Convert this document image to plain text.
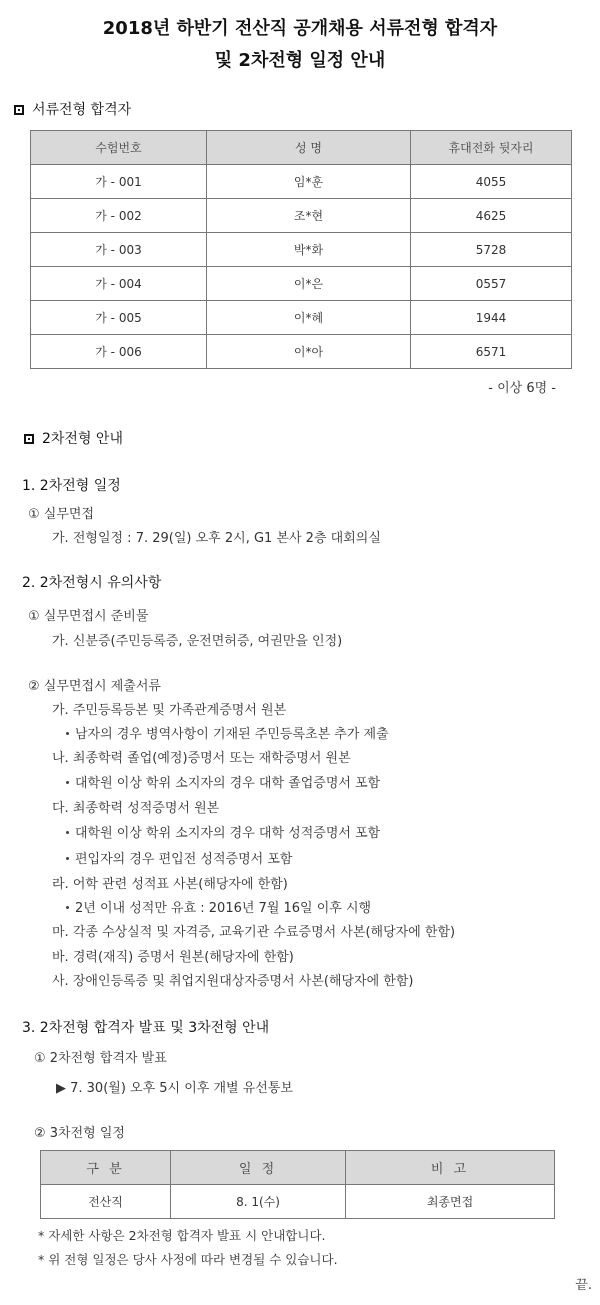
2018년 하반기 전산직 공개채용 서류전형 합격자
및 2차전형 일정 안내
서류전형 합격자
수험번호	성 명	휴대전화 뒷자리
가 - 001	임*훈	4055
가 - 002	조*현	4625
가 - 003	박*화	5728
가 - 004	이*은	0557
가 - 005	이*혜	1944
가 - 006	이*아	6571
- 이상 6명 -
2차전형 안내
1. 2차전형 일정
① 실무면접
가. 전형일정 : 7. 29(일) 오후 2시, G1 본사 2층 대회의실
2. 2차전형시 유의사항
① 실무면접시 준비물
가. 신분증(주민등록증, 운전면허증, 여권만을 인정)
② 실무면접시 제출서류
가. 주민등록등본 및 가족관계증명서 원본
남자의 경우 병역사항이 기재된 주민등록초본 추가 제출
나. 최종학력 졸업(예정)증명서 또는 재학증명서 원본
대학원 이상 학위 소지자의 경우 대학 졸업증명서 포함
다. 최종학력 성적증명서 원본
대학원 이상 학위 소지자의 경우 대학 성적증명서 포함
편입자의 경우 편입전 성적증명서 포함
라. 어학 관련 성적표 사본(해당자에 한함)
2년 이내 성적만 유효 : 2016년 7월 16일 이후 시행
마. 각종 수상실적 및 자격증, 교육기관 수료증명서 사본(해당자에 한함)
바. 경력(재직) 증명서 원본(해당자에 한함)
사. 장애인등록증 및 취업지원대상자증명서 사본(해당자에 한함)
3. 2차전형 합격자 발표 및 3차전형 안내
① 2차전형 합격자 발표
▶ 7. 30(월) 오후 5시 이후 개별 유선통보
② 3차전형 일정
구 분	일 정	비 고
전산직	8. 1(수)	최종면접
* 자세한 사항은 2차전형 합격자 발표 시 안내합니다.
* 위 전형 일정은 당사 사정에 따라 변경될 수 있습니다.
끝.
